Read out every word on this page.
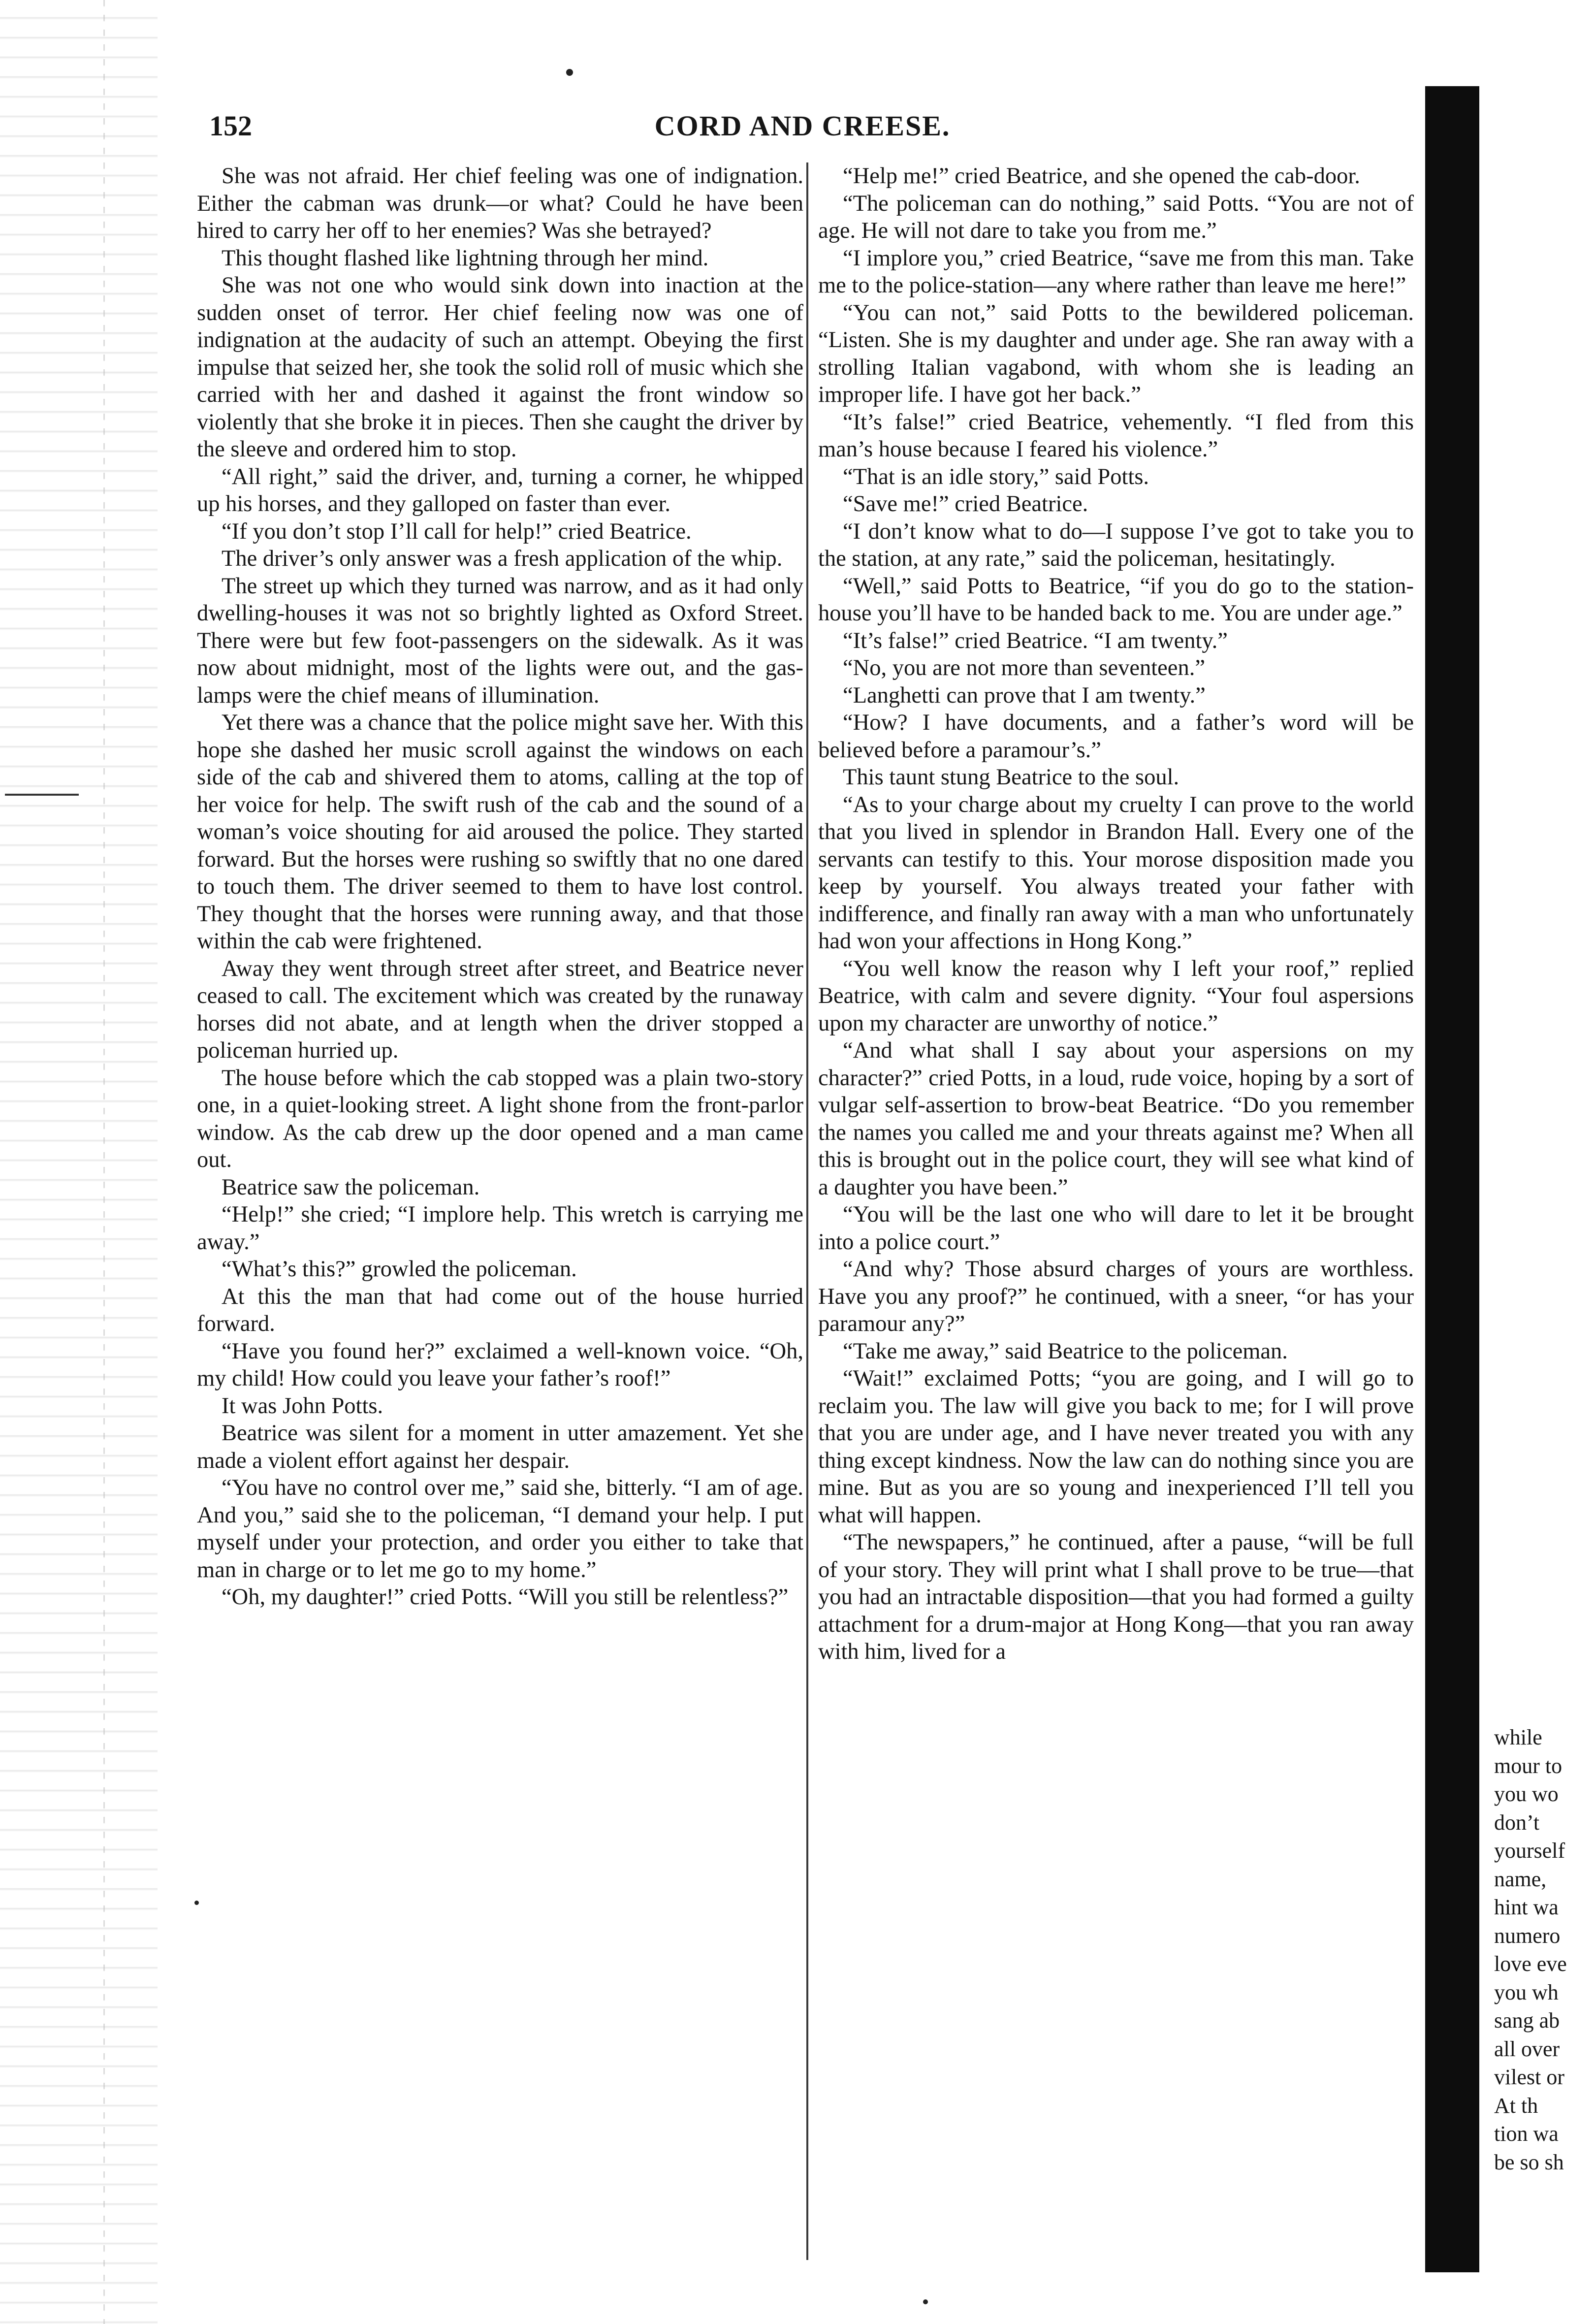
152	CORD AND CREESE.

She was not afraid. Her chief feeling was one of indignation. Either the cabman was drunk—or what? Could he have been hired to carry her off to her enemies? Was she betrayed?

This thought flashed like lightning through her mind.

She was not one who would sink down into inaction at the sudden onset of terror. Her chief feeling now was one of indignation at the audacity of such an attempt. Obeying the first impulse that seized her, she took the solid roll of music which she carried with her and dashed it against the front window so violently that she broke it in pieces. Then she caught the driver by the sleeve and ordered him to stop.

“All right,” said the driver, and, turning a corner, he whipped up his horses, and they galloped on faster than ever.

“If you don’t stop I’ll call for help!” cried Beatrice.

The driver’s only answer was a fresh application of the whip.

The street up which they turned was narrow, and as it had only dwelling-houses it was not so brightly lighted as Oxford Street. There were but few foot-passengers on the sidewalk. As it was now about midnight, most of the lights were out, and the gas-lamps were the chief means of illumination.

Yet there was a chance that the police might save her. With this hope she dashed her music scroll against the windows on each side of the cab and shivered them to atoms, calling at the top of her voice for help. The swift rush of the cab and the sound of a woman’s voice shouting for aid aroused the police. They started forward. But the horses were rushing so swiftly that no one dared to touch them. The driver seemed to them to have lost control. They thought that the horses were running away, and that those within the cab were frightened.

Away they went through street after street, and Beatrice never ceased to call. The excitement which was created by the runaway horses did not abate, and at length when the driver stopped a policeman hurried up.

The house before which the cab stopped was a plain two-story one, in a quiet-looking street. A light shone from the front-parlor window. As the cab drew up the door opened and a man came out.

Beatrice saw the policeman.

“Help!” she cried; “I implore help. This wretch is carrying me away.”

“What’s this?” growled the policeman.

At this the man that had come out of the house hurried forward.

“Have you found her?” exclaimed a well-known voice. “Oh, my child! How could you leave your father’s roof!”

It was John Potts.

Beatrice was silent for a moment in utter amazement. Yet she made a violent effort against her despair.

“You have no control over me,” said she, bitterly. “I am of age. And you,” said she to the policeman, “I demand your help. I put myself under your protection, and order you either to take that man in charge or to let me go to my home.”

“Oh, my daughter!” cried Potts. “Will you still be relentless?”

“Help me!” cried Beatrice, and she opened the cab-door.

“The policeman can do nothing,” said Potts. “You are not of age. He will not dare to take you from me.”

“I implore you,” cried Beatrice, “save me from this man. Take me to the police-station—any where rather than leave me here!”

“You can not,” said Potts to the bewildered policeman. “Listen. She is my daughter and under age. She ran away with a strolling Italian vagabond, with whom she is leading an improper life. I have got her back.”

“It’s false!” cried Beatrice, vehemently. “I fled from this man’s house because I feared his violence.”

“That is an idle story,” said Potts.

“Save me!” cried Beatrice.

“I don’t know what to do—I suppose I’ve got to take you to the station, at any rate,” said the policeman, hesitatingly.

“Well,” said Potts to Beatrice, “if you do go to the station-house you’ll have to be handed back to me. You are under age.”

“It’s false!” cried Beatrice. “I am twenty.”

“No, you are not more than seventeen.”

“Langhetti can prove that I am twenty.”

“How? I have documents, and a father’s word will be believed before a paramour’s.”

This taunt stung Beatrice to the soul.

“As to your charge about my cruelty I can prove to the world that you lived in splendor in Brandon Hall. Every one of the servants can testify to this. Your morose disposition made you keep by yourself. You always treated your father with indifference, and finally ran away with a man who unfortunately had won your affections in Hong Kong.”

“You well know the reason why I left your roof,” replied Beatrice, with calm and severe dignity. “Your foul aspersions upon my character are unworthy of notice.”

“And what shall I say about your aspersions on my character?” cried Potts, in a loud, rude voice, hoping by a sort of vulgar self-assertion to brow-beat Beatrice. “Do you remember the names you called me and your threats against me? When all this is brought out in the police court, they will see what kind of a daughter you have been.”

“You will be the last one who will dare to let it be brought into a police court.”

“And why? Those absurd charges of yours are worthless. Have you any proof?” he continued, with a sneer, “or has your paramour any?”

“Take me away,” said Beatrice to the policeman.

“Wait!” exclaimed Potts; “you are going, and I will go to reclaim you. The law will give you back to me; for I will prove that you are under age, and I have never treated you with any thing except kindness. Now the law can do nothing since you are mine. But as you are so young and inexperienced I’ll tell you what will happen.

“The newspapers,” he continued, after a pause, “will be full of your story. They will print what I shall prove to be true—that you had an intractable disposition—that you had formed a guilty attachment for a drum-major at Hong Kong—that you ran away with him, lived for a

while
mour to
you wo
don’t
yourself
name,
hint wa
numero
love eve
you wh
sang ab
all over
vilest or
At th
tion wa
be so sh
